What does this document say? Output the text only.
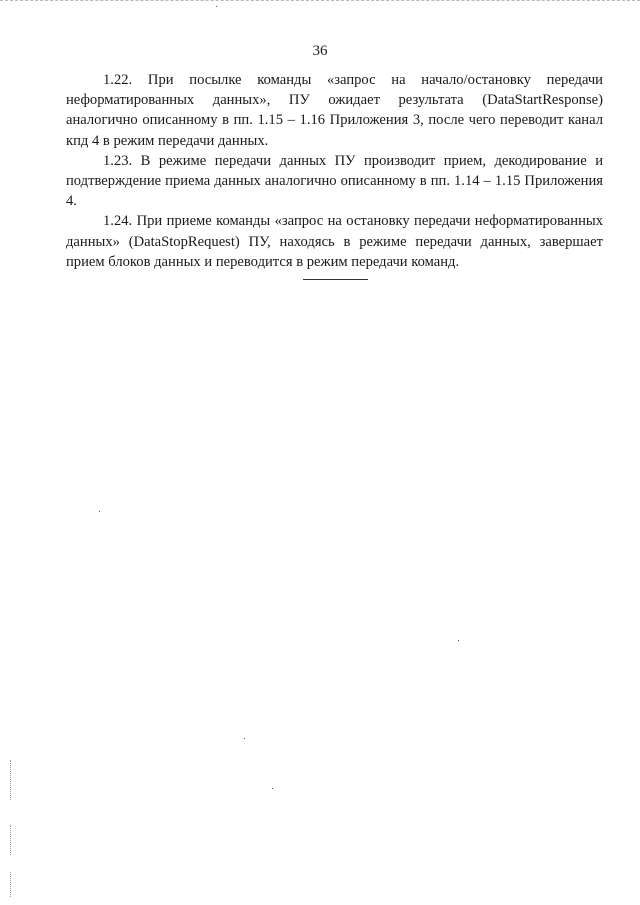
36

1.22. При посылке команды «запрос на начало/остановку передачи неформатированных данных», ПУ ожидает результата (DataStartResponse) аналогично описанному в пп. 1.15 – 1.16 Приложения 3, после чего переводит канал кпд 4 в режим передачи данных.

1.23. В режиме передачи данных ПУ производит прием, декодирование и подтверждение приема данных аналогично описанному в пп. 1.14 – 1.15 Приложения 4.

1.24. При приеме команды «запрос на остановку передачи неформатированных данных» (DataStopRequest) ПУ, находясь в режиме передачи данных, завершает прием блоков данных и переводится в режим передачи команд.
